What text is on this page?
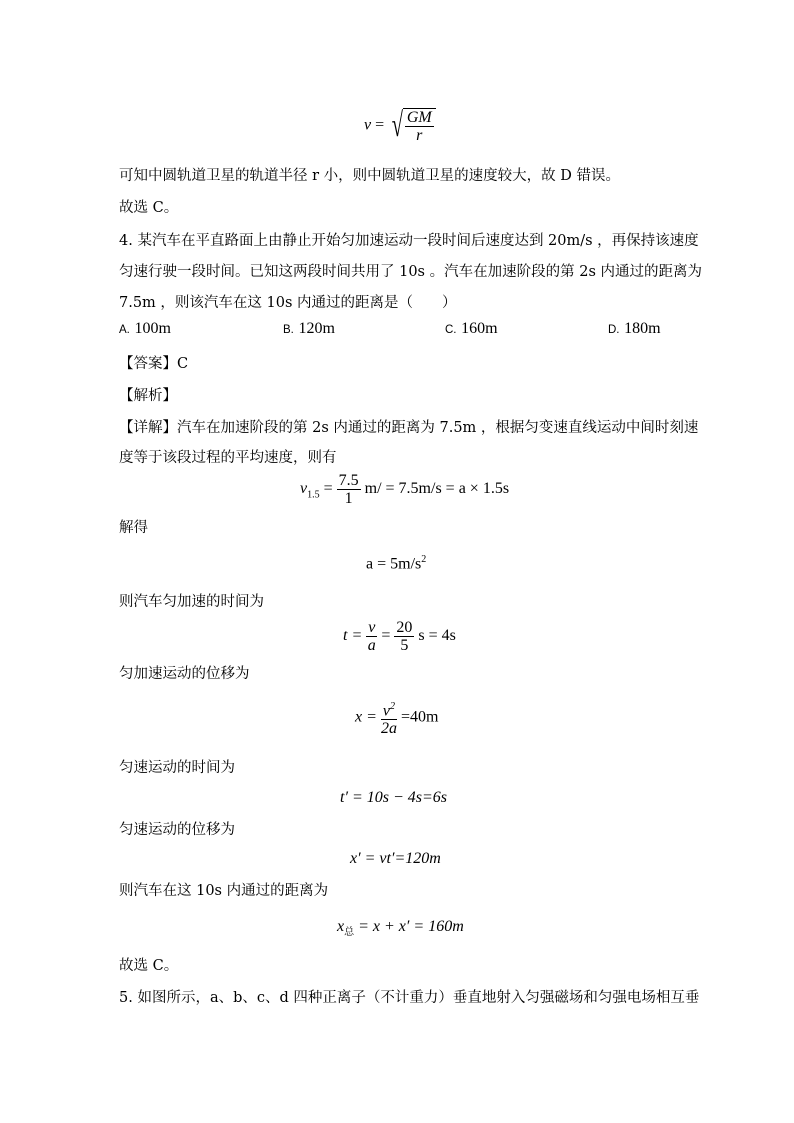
v = √ $\frac{GM}{r}$
可知中圆轨道卫星的轨道半径 r 小，则中圆轨道卫星的速度较大，故 D 错误。
故选 C。
4. 某汽车在平直路面上由静止开始匀加速运动一段时间后速度达到 20m/s ，再保持该速度
匀速行驶一段时间。已知这两段时间共用了 10s 。汽车在加速阶段的第 2s 内通过的距离为
7.5m ，则该汽车在这 10s 内通过的距离是（　　）
A. 100m	B. 120m	C. 160m	D. 180m
【答案】C
【解析】
【详解】汽车在加速阶段的第 2s 内通过的距离为 7.5m ，根据匀变速直线运动中间时刻速
度等于该段过程的平均速度，则有
$v_{1.5} = \frac{7.5}{1} m/ = 7.5m/s = a \times 1.5s$
解得
$a = 5m/s^2$
则汽车匀加速的时间为
$t = \frac{v}{a} = \frac{20}{5}$ s = 4s
匀加速运动的位移为
$x = \frac{v^2}{2a} =40m$
匀速运动的时间为
t′ = 10s − 4s=6s
匀速运动的位移为
x′ = vt′=120m
则汽车在这 10s 内通过的距离为
$x_总 = x + x' = 160m$
故选 C。
5. 如图所示，a、b、c、d 四种正离子（不计重力）垂直地射入匀强磁场和匀强电场相互垂
